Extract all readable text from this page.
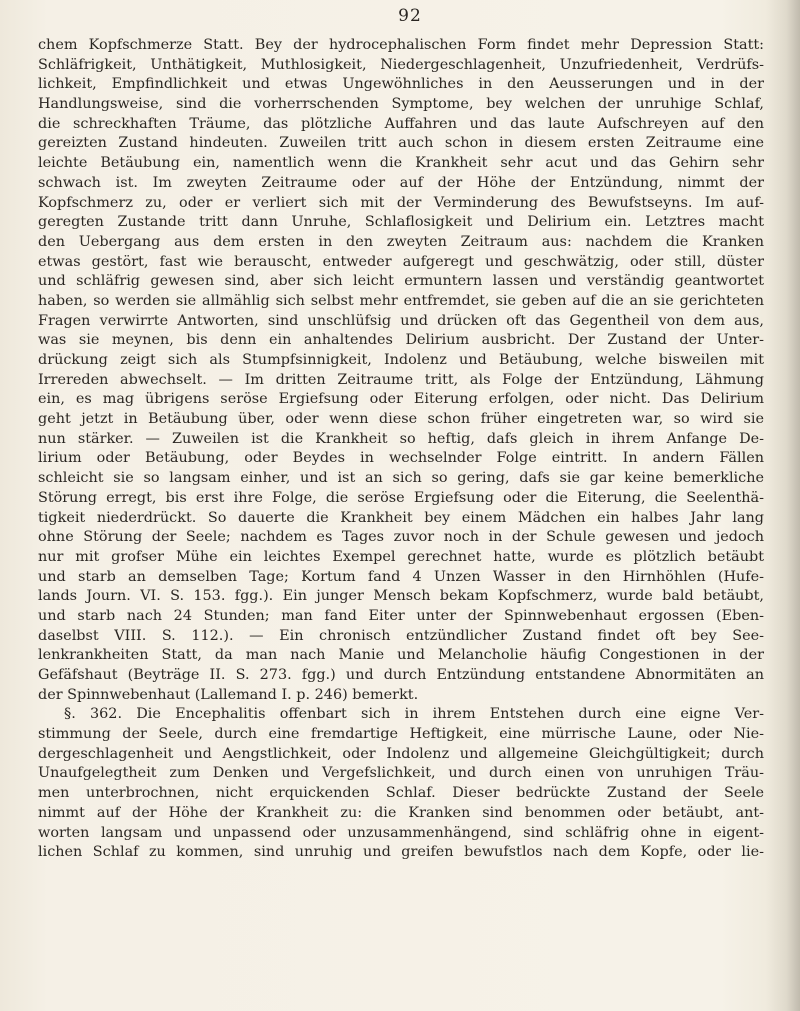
92
chem Kopfschmerze Statt. Bey der hydrocephalischen Form findet mehr Depression Statt:
Schläfrigkeit, Unthätigkeit, Muthlosigkeit, Niedergeschlagenheit, Unzufriedenheit, Verdrüfs-
lichkeit, Empfindlichkeit und etwas Ungewöhnliches in den Aeusserungen und in der
Handlungsweise, sind die vorherrschenden Symptome, bey welchen der unruhige Schlaf,
die schreckhaften Träume, das plötzliche Auffahren und das laute Aufschreyen auf den
gereizten Zustand hindeuten. Zuweilen tritt auch schon in diesem ersten Zeitraume eine
leichte Betäubung ein, namentlich wenn die Krankheit sehr acut und das Gehirn sehr
schwach ist. Im zweyten Zeitraume oder auf der Höhe der Entzündung, nimmt der
Kopfschmerz zu, oder er verliert sich mit der Verminderung des Bewufstseyns. Im auf-
geregten Zustande tritt dann Unruhe, Schlaflosigkeit und Delirium ein. Letztres macht
den Uebergang aus dem ersten in den zweyten Zeitraum aus: nachdem die Kranken
etwas gestört, fast wie berauscht, entweder aufgeregt und geschwätzig, oder still, düster
und schläfrig gewesen sind, aber sich leicht ermuntern lassen und verständig geantwortet
haben, so werden sie allmählig sich selbst mehr entfremdet, sie geben auf die an sie gerichteten
Fragen verwirrte Antworten, sind unschlüfsig und drücken oft das Gegentheil von dem aus,
was sie meynen, bis denn ein anhaltendes Delirium ausbricht. Der Zustand der Unter-
drückung zeigt sich als Stumpfsinnigkeit, Indolenz und Betäubung, welche bisweilen mit
Irrereden abwechselt. — Im dritten Zeitraume tritt, als Folge der Entzündung, Lähmung
ein, es mag übrigens seröse Ergiefsung oder Eiterung erfolgen, oder nicht. Das Delirium
geht jetzt in Betäubung über, oder wenn diese schon früher eingetreten war, so wird sie
nun stärker. — Zuweilen ist die Krankheit so heftig, dafs gleich in ihrem Anfange De-
lirium oder Betäubung, oder Beydes in wechselnder Folge eintritt. In andern Fällen
schleicht sie so langsam einher, und ist an sich so gering, dafs sie gar keine bemerkliche
Störung erregt, bis erst ihre Folge, die seröse Ergiefsung oder die Eiterung, die Seelenthä-
tigkeit niederdrückt. So dauerte die Krankheit bey einem Mädchen ein halbes Jahr lang
ohne Störung der Seele; nachdem es Tages zuvor noch in der Schule gewesen und jedoch
nur mit grofser Mühe ein leichtes Exempel gerechnet hatte, wurde es plötzlich betäubt
und starb an demselben Tage; Kortum fand 4 Unzen Wasser in den Hirnhöhlen (Hufe-
lands Journ. VI. S. 153. fgg.). Ein junger Mensch bekam Kopfschmerz, wurde bald betäubt,
und starb nach 24 Stunden; man fand Eiter unter der Spinnwebenhaut ergossen (Eben-
daselbst VIII. S. 112.). — Ein chronisch entzündlicher Zustand findet oft bey See-
lenkrankheiten Statt, da man nach Manie und Melancholie häufig Congestionen in der
Gefäfshaut (Beyträge II. S. 273. fgg.) und durch Entzündung entstandene Abnormitäten an
der Spinnwebenhaut (Lallemand I. p. 246) bemerkt.
§. 362. Die Encephalitis offenbart sich in ihrem Entstehen durch eine eigne Ver-
stimmung der Seele, durch eine fremdartige Heftigkeit, eine mürrische Laune, oder Nie-
dergeschlagenheit und Aengstlichkeit, oder Indolenz und allgemeine Gleichgültigkeit; durch
Unaufgelegtheit zum Denken und Vergefslichkeit, und durch einen von unruhigen Träu-
men unterbrochnen, nicht erquickenden Schlaf. Dieser bedrückte Zustand der Seele
nimmt auf der Höhe der Krankheit zu: die Kranken sind benommen oder betäubt, ant-
worten langsam und unpassend oder unzusammenhängend, sind schläfrig ohne in eigent-
lichen Schlaf zu kommen, sind unruhig und greifen bewufstlos nach dem Kopfe, oder lie-
